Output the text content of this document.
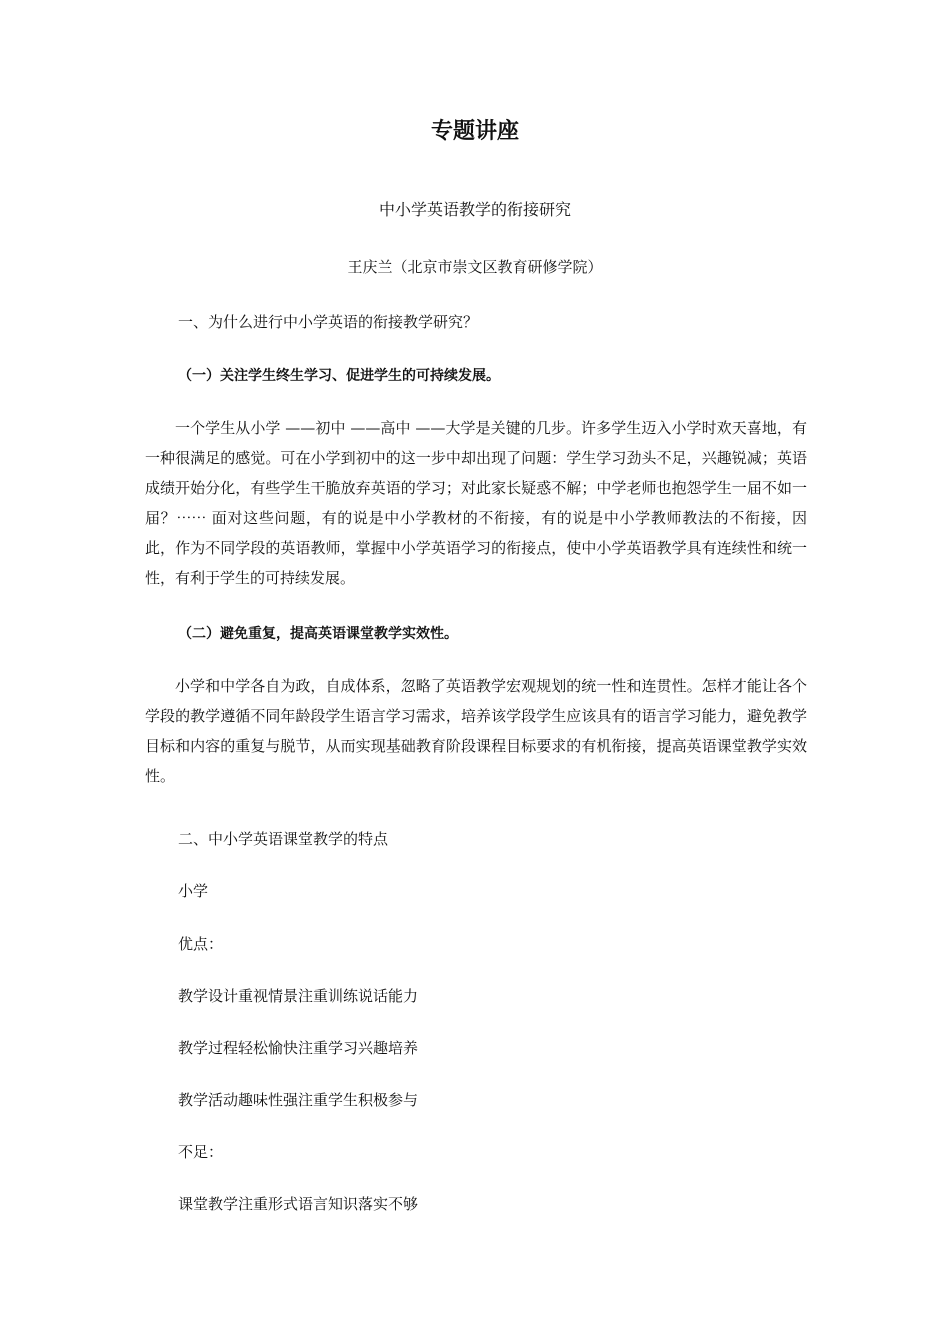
专题讲座
中小学英语教学的衔接研究

王庆兰（北京市崇文区教育研修学院）

一、为什么进行中小学英语的衔接教学研究？

（一）关注学生终生学习、促进学生的可持续发展。

一个学生从小学 ——初中 ——高中 ——大学是关键的几步。许多学生迈入小学时欢天喜地，有一种很满足的感觉。可在小学到初中的这一步中却出现了问题：学生学习劲头不足，兴趣锐减；英语成绩开始分化，有些学生干脆放弃英语的学习；对此家长疑惑不解；中学老师也抱怨学生一届不如一届？⋯⋯ 面对这些问题，有的说是中小学教材的不衔接，有的说是中小学教师教法的不衔接，因此，作为不同学段的英语教师，掌握中小学英语学习的衔接点，使中小学英语教学具有连续性和统一性，有利于学生的可持续发展。

（二）避免重复，提高英语课堂教学实效性。

小学和中学各自为政，自成体系，忽略了英语教学宏观规划的统一性和连贯性。怎样才能让各个学段的教学遵循不同年龄段学生语言学习需求，培养该学段学生应该具有的语言学习能力，避免教学目标和内容的重复与脱节，从而实现基础教育阶段课程目标要求的有机衔接，提高英语课堂教学实效性。

二、中小学英语课堂教学的特点

小学

优点：

教学设计重视情景注重训练说话能力

教学过程轻松愉快注重学习兴趣培养

教学活动趣味性强注重学生积极参与

不足：

课堂教学注重形式语言知识落实不够
